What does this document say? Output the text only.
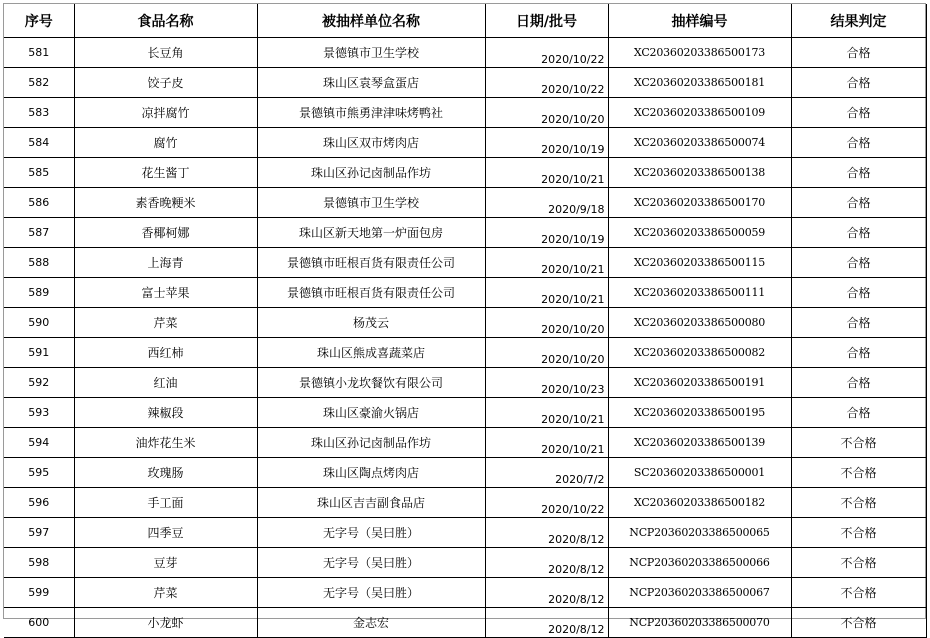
序号	食品名称	被抽样单位名称	日期/批号	抽样编号	结果判定
581	长豆角	景德镇市卫生学校	2020/10/22	XC20360203386500173	合格
582	饺子皮	珠山区袁琴盒蛋店	2020/10/22	XC20360203386500181	合格
583	凉拌腐竹	景德镇市熊勇津津味烤鸭社	2020/10/20	XC20360203386500109	合格
584	腐竹	珠山区双市烤肉店	2020/10/19	XC20360203386500074	合格
585	花生酱丁	珠山区孙记卤制品作坊	2020/10/21	XC20360203386500138	合格
586	素香晚粳米	景德镇市卫生学校	2020/9/18	XC20360203386500170	合格
587	香椰柯娜	珠山区新天地第一炉面包房	2020/10/19	XC20360203386500059	合格
588	上海青	景德镇市旺根百货有限责任公司	2020/10/21	XC20360203386500115	合格
589	富士苹果	景德镇市旺根百货有限责任公司	2020/10/21	XC20360203386500111	合格
590	芹菜	杨茂云	2020/10/20	XC20360203386500080	合格
591	西红柿	珠山区熊成喜蔬菜店	2020/10/20	XC20360203386500082	合格
592	红油	景德镇小龙坎餐饮有限公司	2020/10/23	XC20360203386500191	合格
593	辣椒段	珠山区豪渝火锅店	2020/10/21	XC20360203386500195	合格
594	油炸花生米	珠山区孙记卤制品作坊	2020/10/21	XC20360203386500139	不合格
595	玫瑰肠	珠山区陶点烤肉店	2020/7/2	SC20360203386500001	不合格
596	手工面	珠山区吉吉副食品店	2020/10/22	XC20360203386500182	不合格
597	四季豆	无字号（吴曰胜）	2020/8/12	NCP20360203386500065	不合格
598	豆芽	无字号（吴曰胜）	2020/8/12	NCP20360203386500066	不合格
599	芹菜	无字号（吴曰胜）	2020/8/12	NCP20360203386500067	不合格
600	小龙虾	金志宏	2020/8/12	NCP20360203386500070	不合格
